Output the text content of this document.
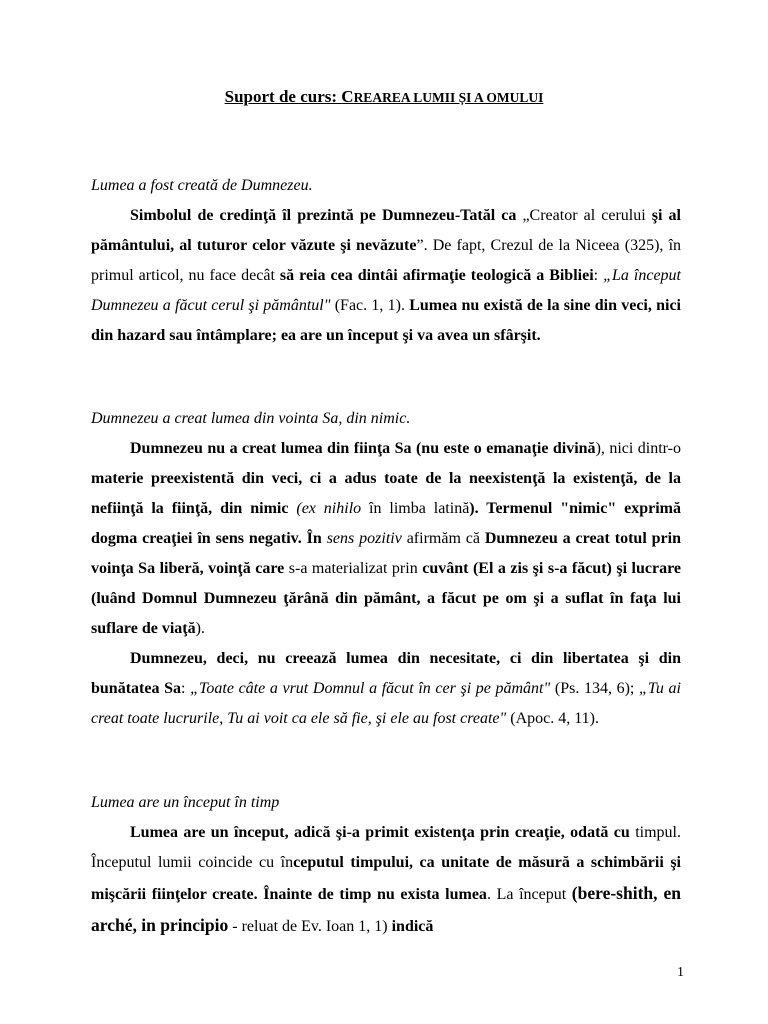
Suport de curs: CREAREA LUMII ȘI A OMULUI
Lumea a fost creată de Dumnezeu.

Simbolul de credinţă îl prezintă pe Dumnezeu-Tatăl ca „Creator al cerului şi al pământului, al tuturor celor văzute şi nevăzute”. De fapt, Crezul de la Niceea (325), în primul articol, nu face decât să reia cea dintâi afirmaţie teologică a Bibliei: „La început Dumnezeu a făcut cerul şi pământul" (Fac. 1, 1). Lumea nu există de la sine din veci, nici din hazard sau întâmplare; ea are un început şi va avea un sfârşit.

Dumnezeu a creat lumea din vointa Sa, din nimic.

Dumnezeu nu a creat lumea din fiinţa Sa (nu este o emanaţie divină), nici dintr-o materie preexistentă din veci, ci a adus toate de la neexistenţă la existenţă, de la nefiinţă la fiinţă, din nimic (ex nihilo în limba latină). Termenul "nimic" exprimă dogma creaţiei în sens negativ. În sens pozitiv afirmăm că Dumnezeu a creat totul prin voinţa Sa liberă, voinţă care s-a materializat prin cuvânt (El a zis şi s-a făcut) şi lucrare (luând Domnul Dumnezeu ţărână din pământ, a făcut pe om şi a suflat în faţa lui suflare de viaţă).

Dumnezeu, deci, nu creează lumea din necesitate, ci din libertatea şi din bunătatea Sa: „Toate câte a vrut Domnul a făcut în cer şi pe pământ" (Ps. 134, 6); „Tu ai creat toate lucrurile, Tu ai voit ca ele să fie, şi ele au fost create" (Apoc. 4, 11).

Lumea are un început în timp

Lumea are un început, adică şi-a primit existenţa prin creaţie, odată cu timpul. Începutul lumii coincide cu începutul timpului, ca unitate de măsură a schimbării şi mişcării fiinţelor create. Înainte de timp nu exista lumea. La început (bere-shith, en arché, in principio - reluat de Ev. Ioan 1, 1) indică

1
